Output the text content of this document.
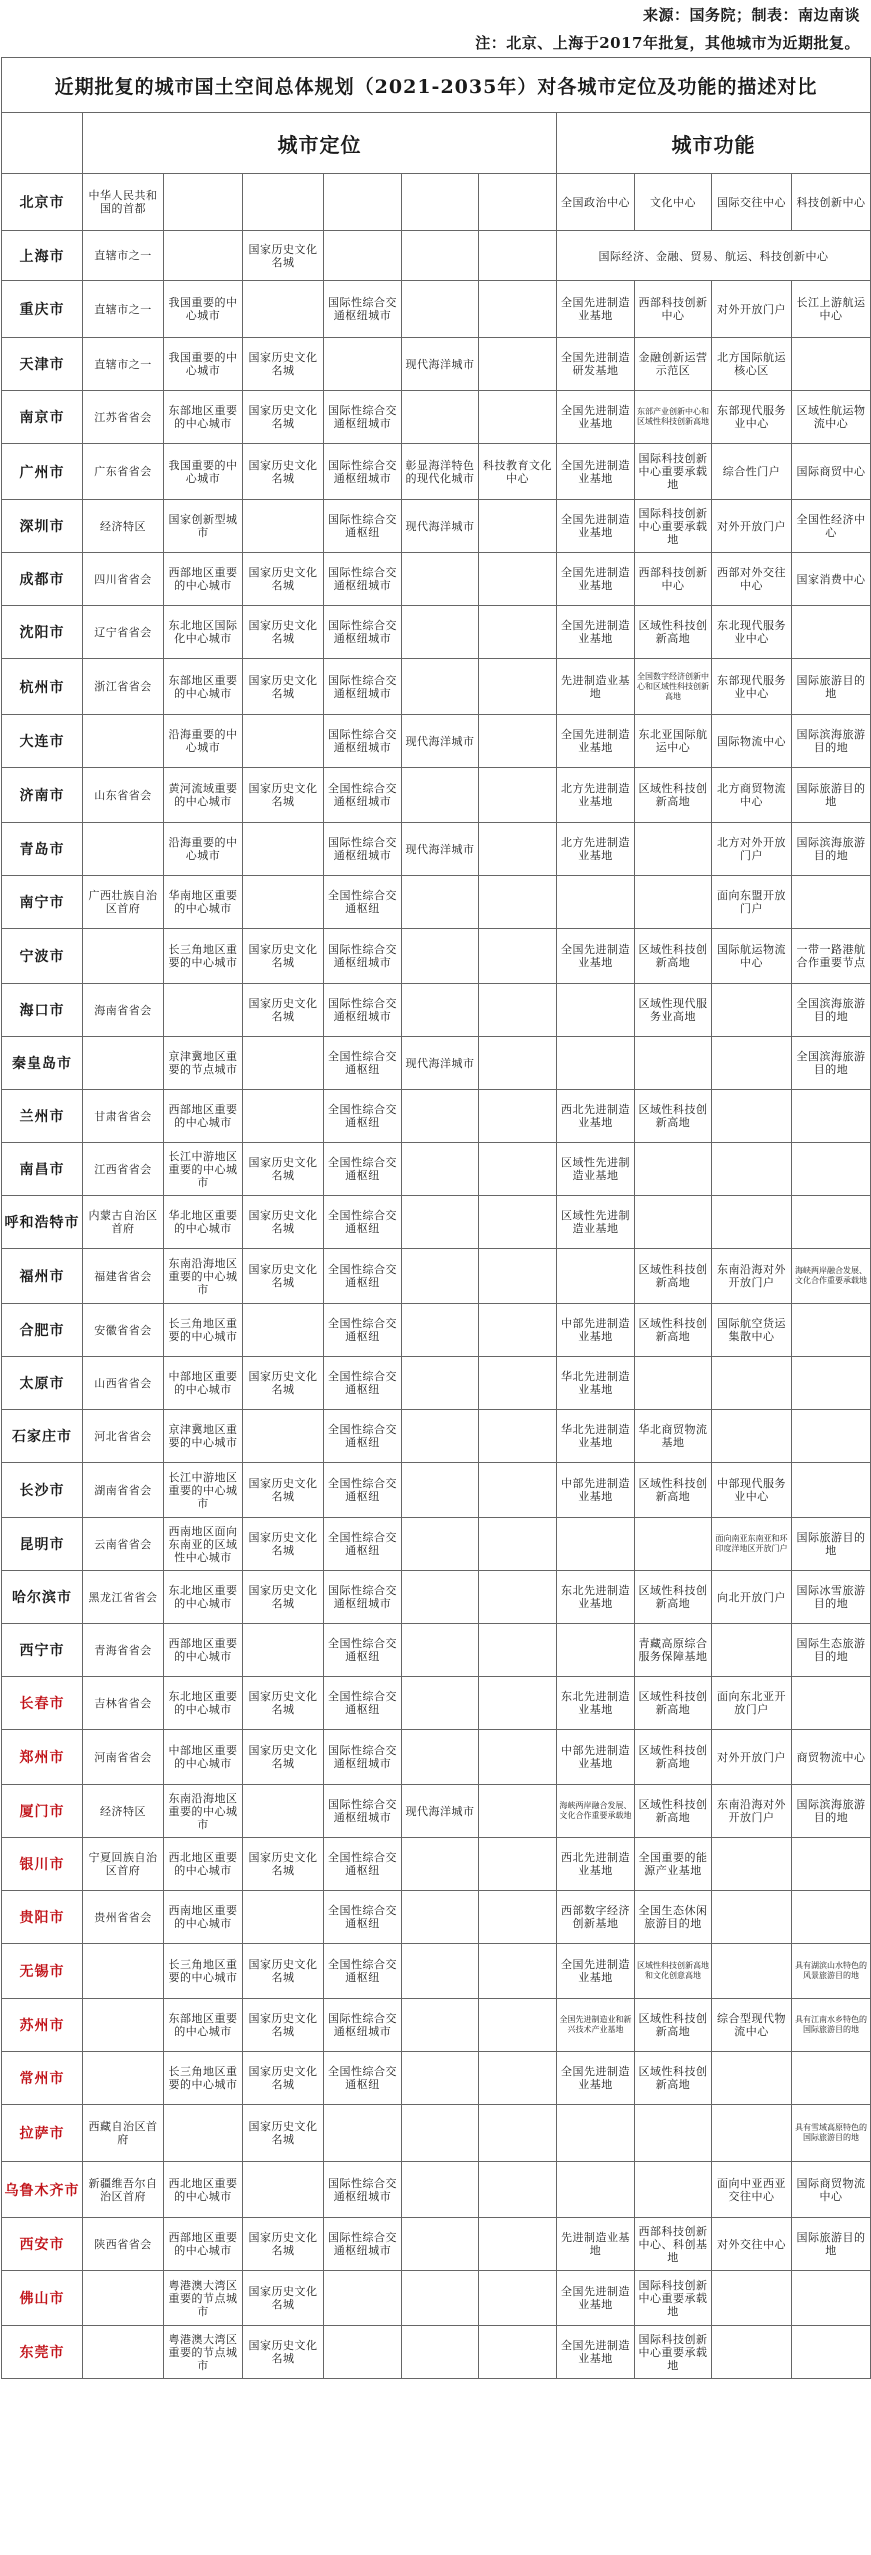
来源：国务院；制表：南边南谈
注：北京、上海于2017年批复，其他城市为近期批复。
近期批复的城市国土空间总体规划（2021-2035年）对各城市定位及功能的描述对比										
	城市定位						城市功能			
北京市	中华人民共和国的首都						全国政治中心	文化中心	国际交往中心	科技创新中心
上海市	直辖市之一		国家历史文化名城				国际经济、金融、贸易、航运、科技创新中心			
重庆市	直辖市之一	我国重要的中心城市		国际性综合交通枢纽城市			全国先进制造业基地	西部科技创新中心	对外开放门户	长江上游航运中心
天津市	直辖市之一	我国重要的中心城市	国家历史文化名城		现代海洋城市		全国先进制造研发基地	金融创新运营示范区	北方国际航运核心区	
南京市	江苏省省会	东部地区重要的中心城市	国家历史文化名城	国际性综合交通枢纽城市			全国先进制造业基地	东部产业创新中心和区域性科技创新高地	东部现代服务业中心	区域性航运物流中心
广州市	广东省省会	我国重要的中心城市	国家历史文化名城	国际性综合交通枢纽城市	彰显海洋特色的现代化城市	科技教育文化中心	全国先进制造业基地	国际科技创新中心重要承载地	综合性门户	国际商贸中心
深圳市	经济特区	国家创新型城市		国际性综合交通枢纽	现代海洋城市		全国先进制造业基地	国际科技创新中心重要承载地	对外开放门户	全国性经济中心
成都市	四川省省会	西部地区重要的中心城市	国家历史文化名城	国际性综合交通枢纽城市			全国先进制造业基地	西部科技创新中心	西部对外交往中心	国家消费中心
沈阳市	辽宁省省会	东北地区国际化中心城市	国家历史文化名城	国际性综合交通枢纽城市			全国先进制造业基地	区域性科技创新高地	东北现代服务业中心	
杭州市	浙江省省会	东部地区重要的中心城市	国家历史文化名城	国际性综合交通枢纽城市			先进制造业基地	全国数字经济创新中心和区域性科技创新高地	东部现代服务业中心	国际旅游目的地
大连市		沿海重要的中心城市		国际性综合交通枢纽城市	现代海洋城市		全国先进制造业基地	东北亚国际航运中心	国际物流中心	国际滨海旅游目的地
济南市	山东省省会	黄河流域重要的中心城市	国家历史文化名城	全国性综合交通枢纽城市			北方先进制造业基地	区域性科技创新高地	北方商贸物流中心	国际旅游目的地
青岛市		沿海重要的中心城市		国际性综合交通枢纽城市	现代海洋城市		北方先进制造业基地		北方对外开放门户	国际滨海旅游目的地
南宁市	广西壮族自治区首府	华南地区重要的中心城市		全国性综合交通枢纽					面向东盟开放门户	
宁波市		长三角地区重要的中心城市	国家历史文化名城	国际性综合交通枢纽城市			全国先进制造业基地	区域性科技创新高地	国际航运物流中心	一带一路港航合作重要节点
海口市	海南省省会		国家历史文化名城	国际性综合交通枢纽城市				区域性现代服务业高地		全国滨海旅游目的地
秦皇岛市		京津冀地区重要的节点城市		全国性综合交通枢纽	现代海洋城市					全国滨海旅游目的地
兰州市	甘肃省省会	西部地区重要的中心城市		全国性综合交通枢纽			西北先进制造业基地	区域性科技创新高地		
南昌市	江西省省会	长江中游地区重要的中心城市	国家历史文化名城	全国性综合交通枢纽			区域性先进制造业基地			
呼和浩特市	内蒙古自治区首府	华北地区重要的中心城市	国家历史文化名城	全国性综合交通枢纽			区域性先进制造业基地			
福州市	福建省省会	东南沿海地区重要的中心城市	国家历史文化名城	全国性综合交通枢纽				区域性科技创新高地	东南沿海对外开放门户	海峡两岸融合发展、文化合作重要承载地
合肥市	安徽省省会	长三角地区重要的中心城市		全国性综合交通枢纽			中部先进制造业基地	区域性科技创新高地	国际航空货运集散中心	
太原市	山西省省会	中部地区重要的中心城市	国家历史文化名城	全国性综合交通枢纽			华北先进制造业基地			
石家庄市	河北省省会	京津冀地区重要的中心城市		全国性综合交通枢纽			华北先进制造业基地	华北商贸物流基地		
长沙市	湖南省省会	长江中游地区重要的中心城市	国家历史文化名城	全国性综合交通枢纽			中部先进制造业基地	区域性科技创新高地	中部现代服务业中心	
昆明市	云南省省会	西南地区面向东南亚的区域性中心城市	国家历史文化名城	全国性综合交通枢纽					面向南亚东南亚和环印度洋地区开放门户	国际旅游目的地
哈尔滨市	黑龙江省省会	东北地区重要的中心城市	国家历史文化名城	国际性综合交通枢纽城市			东北先进制造业基地	区域性科技创新高地	向北开放门户	国际冰雪旅游目的地
西宁市	青海省省会	西部地区重要的中心城市		全国性综合交通枢纽				青藏高原综合服务保障基地		国际生态旅游目的地
长春市	吉林省省会	东北地区重要的中心城市	国家历史文化名城	全国性综合交通枢纽			东北先进制造业基地	区域性科技创新高地	面向东北亚开放门户	
郑州市	河南省省会	中部地区重要的中心城市	国家历史文化名城	国际性综合交通枢纽城市			中部先进制造业基地	区域性科技创新高地	对外开放门户	商贸物流中心
厦门市	经济特区	东南沿海地区重要的中心城市		国际性综合交通枢纽城市	现代海洋城市		海峡两岸融合发展、文化合作重要承载地	区域性科技创新高地	东南沿海对外开放门户	国际滨海旅游目的地
银川市	宁夏回族自治区首府	西北地区重要的中心城市	国家历史文化名城	全国性综合交通枢纽			西北先进制造业基地	全国重要的能源产业基地		
贵阳市	贵州省省会	西南地区重要的中心城市		全国性综合交通枢纽			西部数字经济创新基地	全国生态休闲旅游目的地		
无锡市		长三角地区重要的中心城市	国家历史文化名城	全国性综合交通枢纽			全国先进制造业基地	区域性科技创新高地和文化创意高地		具有湖滨山水特色的风景旅游目的地
苏州市		东部地区重要的中心城市	国家历史文化名城	国际性综合交通枢纽城市			全国先进制造业和新兴技术产业基地	区域性科技创新高地	综合型现代物流中心	具有江南水乡特色的国际旅游目的地
常州市		长三角地区重要的中心城市	国家历史文化名城	全国性综合交通枢纽			全国先进制造业基地	区域性科技创新高地		
拉萨市	西藏自治区首府		国家历史文化名城							具有雪域高原特色的国际旅游目的地
乌鲁木齐市	新疆维吾尔自治区首府	西北地区重要的中心城市		国际性综合交通枢纽城市					面向中亚西亚交往中心	国际商贸物流中心
西安市	陕西省省会	西部地区重要的中心城市	国家历史文化名城	国际性综合交通枢纽城市			先进制造业基地	西部科技创新中心、科创基地	对外交往中心	国际旅游目的地
佛山市		粤港澳大湾区重要的节点城市	国家历史文化名城				全国先进制造业基地	国际科技创新中心重要承载地		
东莞市		粤港澳大湾区重要的节点城市	国家历史文化名城				全国先进制造业基地	国际科技创新中心重要承载地		
